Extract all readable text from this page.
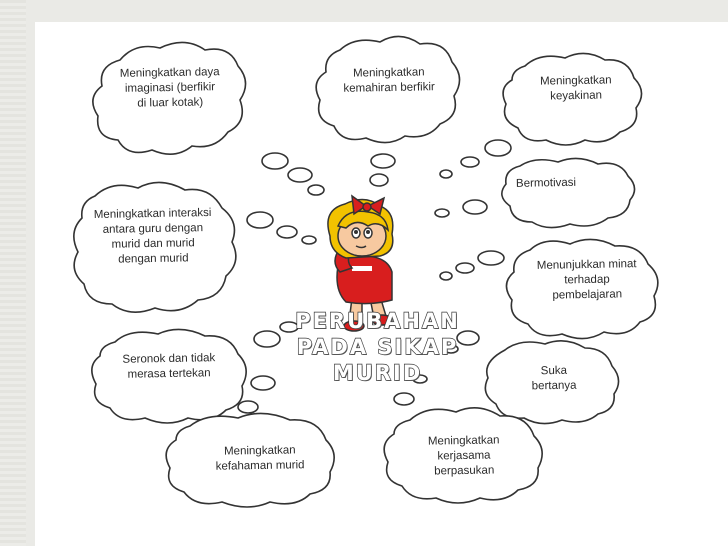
Meningkatkan daya imaginasi (berfikir di luar kotak)
Meningkatkan kemahiran berfikir
Meningkatkan keyakinan
Bermotivasi
Meningkatkan interaksi antara guru dengan murid dan murid dengan murid	Menunjukkan minat terhadap pembelajaran
Seronok dan tidak merasa tertekan	Suka bertanya
Meningkatkan kefahaman murid
Meningkatkan kerjasama berpasukan
PERUBAHAN PADA SIKAP MURID
